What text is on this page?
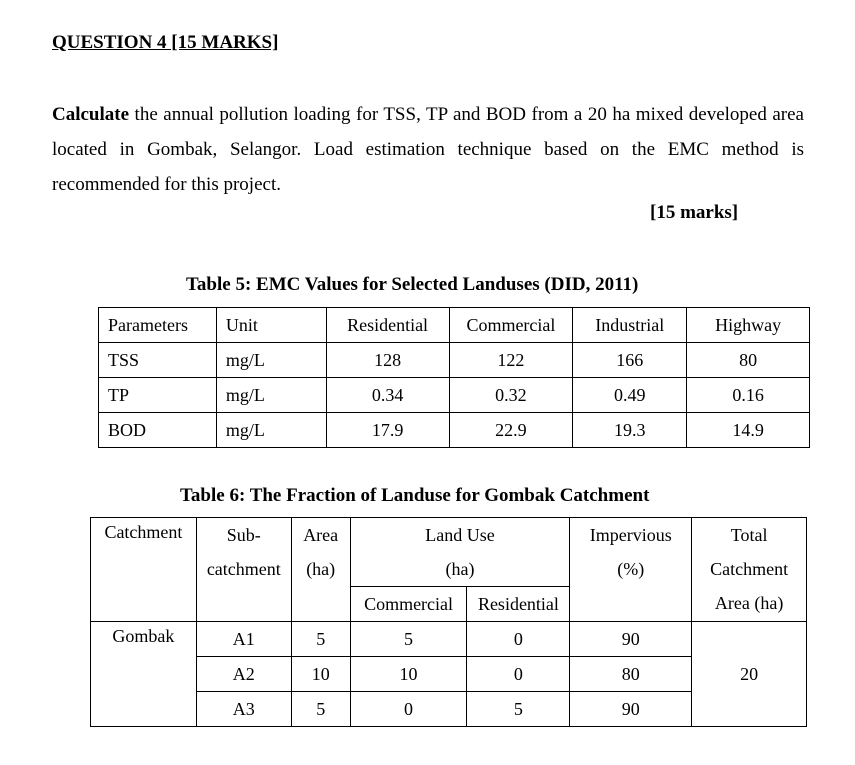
QUESTION 4 [15 MARKS]

Calculate the annual pollution loading for TSS, TP and BOD from a 20 ha mixed developed area located in Gombak, Selangor. Load estimation technique based on the EMC method is recommended for this project.

[15 marks]

Table 5: EMC Values for Selected Landuses (DID, 2011)

Parameters	Unit	Residential	Commercial	Industrial	Highway
TSS	mg/L	128	122	166	80
TP	mg/L	0.34	0.32	0.49	0.16
BOD	mg/L	17.9	22.9	19.3	14.9

Table 6: The Fraction of Landuse for Gombak Catchment

Catchment	Sub-	Area	Land Use		Impervious	Total
	catchment	(ha)	(ha)		(%)	Catchment
			Commercial	Residential		Area (ha)
Gombak	A1	5	5	0	90	20
	A2	10	10	0	80	
	A3	5	0	5	90	
